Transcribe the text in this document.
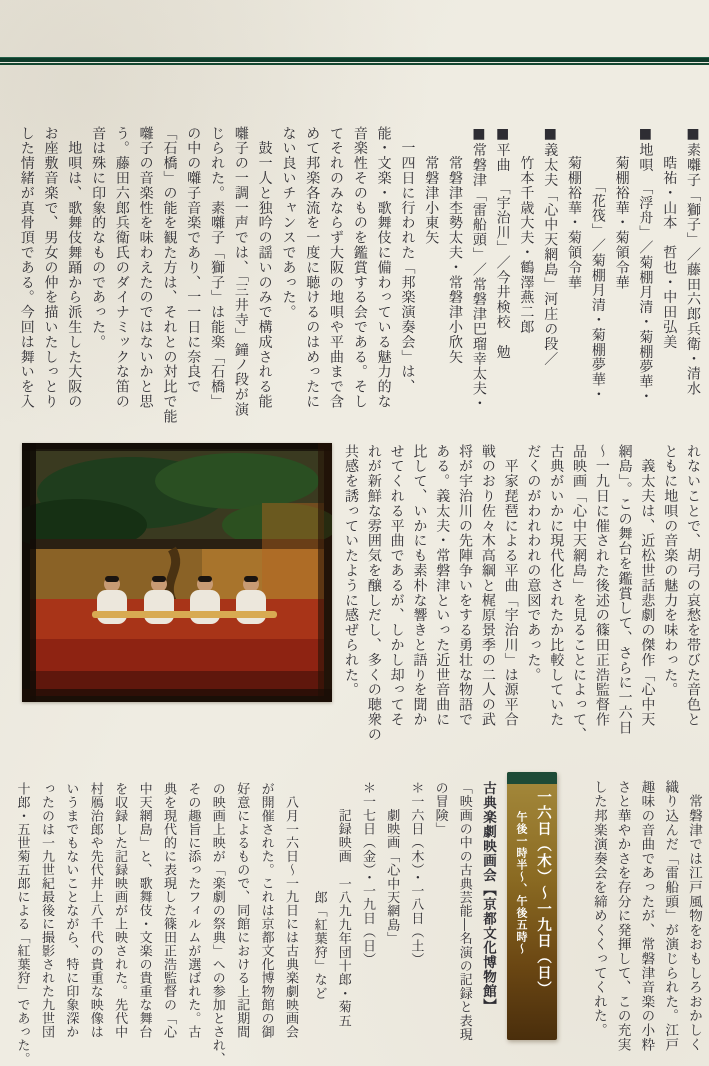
■素囃子「獅子」／藤田六郎兵衛・清水
　　晧祐・山本　哲也・中田弘美
■地唄　「浮舟」／菊棚月清・菊棚夢華・
　　菊棚裕華・菊領令華
　　　　「花筏」／菊棚月清・菊棚夢華・
　　菊棚裕華・菊領令華
■義太夫「心中天網島」河庄の段／
　　竹本千歳大夫・鶴澤燕二郎
■平曲　「宇治川」／今井検校　勉
■常磐津「雷船頭」／常磐津巴瑠幸太夫・
　　常磐津杢勢太夫・常磐津小欣矢
　　常磐津小東矢
　一四日に行われた「邦楽演奏会」は、
能・文楽・歌舞伎に備わっている魅力的な
音楽性そのものを鑑賞する会である。そし
てそれのみならず大阪の地唄や平曲まで含
めて邦楽各流を一度に聴けるのはめったに
ない良いチャンスであった。
　鼓一人と独吟の謡いのみで構成される能
囃子の一調一声では、「三井寺」鐘ノ段が演
じられた。素囃子「獅子」は能楽「石橋」
の中の囃子音楽であり、一一日に奈良で
「石橋」の能を観た方は、それとの対比で能
囃子の音楽性を味わえたのではないかと思
う。藤田六郎兵衛氏のダイナミックな笛の
音は殊に印象的なものであった。
　地唄は、歌舞伎舞踊から派生した大阪の
お座敷音楽で、男女の仲を描いたしっとり
した情緒が真骨頂である。今回は舞いを入
れないことで、胡弓の哀愁を帯びた音色と
ともに地唄の音楽の魅力を味わった。
　義太夫は、近松世話悲劇の傑作「心中天
網島」。この舞台を鑑賞して、さらに一六日
～一九日に催された後述の篠田正浩監督作
品映画「心中天網島」を見ることによって、
古典がいかに現代化されたか比較していた
だくのがわれわれの意図であった。
　平家琵琶による平曲「宇治川」は源平合
戦のおり佐々木高綱と梶原景季の二人の武
将が宇治川の先陣争いをする勇壮な物語で
ある。義太夫・常磐津といった近世音曲に
比して、いかにも素朴な響きと語りを聞か
せてくれる平曲であるが、しかし却ってそ
れが新鮮な雰囲気を醸しだし、多くの聴衆の
共感を誘っていたように感ぜられた。
　常磐津では江戸風物をおもしろおかしく
織り込んだ「雷船頭」が演じられた。江戸
趣味の音曲であったが、常磐津音楽の小粋
さと華やかさを存分に発揮して、この充実
した邦楽演奏会を締めくくってくれた。
一六日（木）～一九日（日）
午後一時半～、午後五時～
古典楽劇映画会【京都文化博物館】
「映画の中の古典芸能―名演の記録と表現
の冒険」
＊一六日（木）・一八日（土）
　　劇映画「心中天網島」
＊一七日（金）・一九日（日）
　　記録映画　一八九九年団十郎・菊五
　　　　　　　　郎「紅葉狩」など
　八月一六日～一九日には古典楽劇映画会
が開催された。これは京都文化博物館の御
好意によるもので、同館における上記期間
の映画上映が「楽劇の祭典」への参加とされ、
その趣旨に添ったフィルムが選ばれた。古
典を現代的に表現した篠田正浩監督の「心
中天網島」と、歌舞伎・文楽の貴重な舞台
を収録した記録映画が上映された。先代中
村鴈治郎や先代井上八千代の貴重な映像は
いうまでもないことながら、特に印象深か
ったのは一九世紀最後に撮影された九世団
十郎・五世菊五郎による「紅葉狩」であった。
